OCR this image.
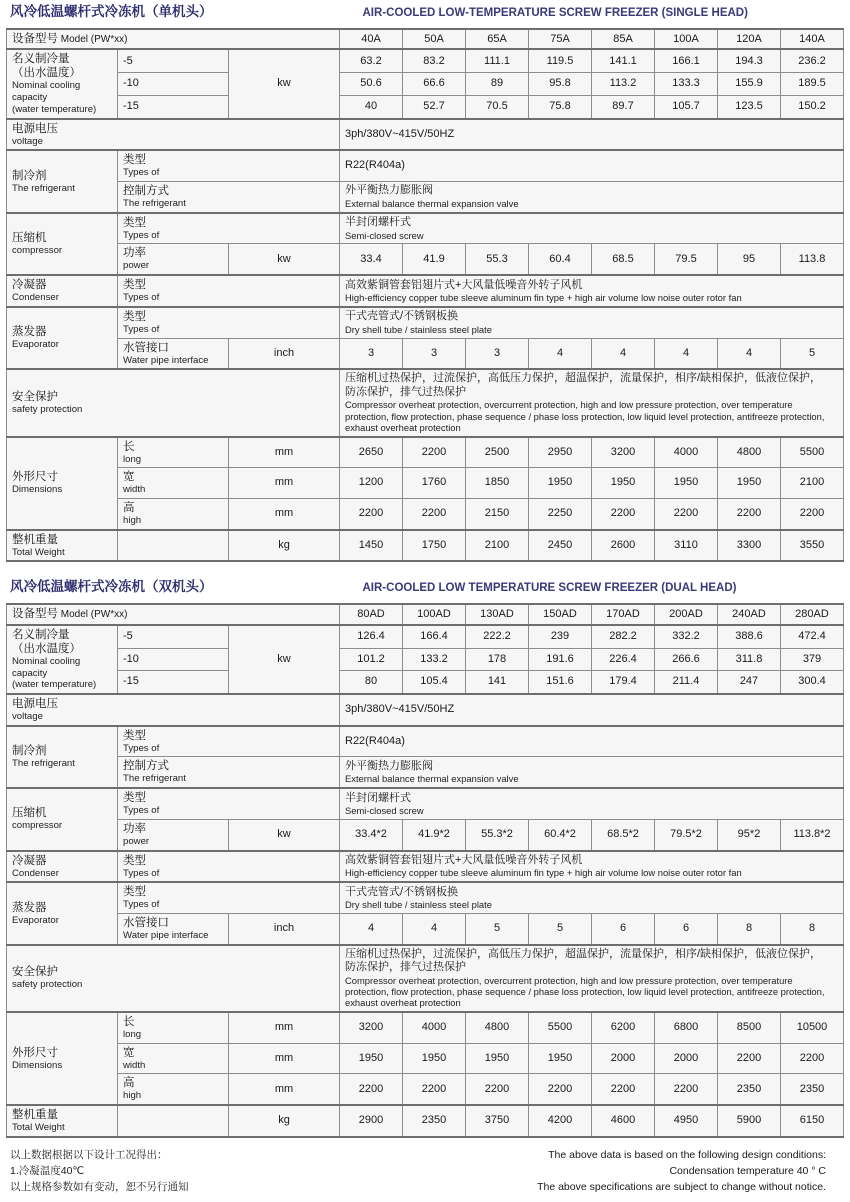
风冷低温螺杆式冷冻机（单机头）	AIR-COOLED LOW-TEMPERATURE SCREW FREEZER (SINGLE HEAD)
设备型号 Model (PW*xx)			40A	50A	65A	75A	85A	100A	120A	140A

名义制冷量
（出水温度）
Nominal cooling
capacity
(water temperature)	-5	kw	63.2	83.2	111.1	119.5	141.1	166.1	194.3	236.2
	-10		50.6	66.6	89	95.8	113.2	133.3	155.9	189.5
	-15		40	52.7	70.5	75.8	89.7	105.7	123.5	150.2

电源电压
voltage			3ph/380V~415V/50HZ							

制冷剂
The refrigerant	类型
Types of		R22(R404a)							

	控制方式
The refrigerant		外平衡热力膨胀阀
External balance thermal expansion valve							

压缩机
compressor	类型
Types of		半封闭螺杆式
Semi-closed screw							

	功率
power	kw	33.4	41.9	55.3	60.4	68.5	79.5	95	113.8

冷凝器
Condenser	类型
Types of		高效紫铜管套铝翅片式+大风量低噪音外转子风机
High-efficiency copper tube sleeve aluminum fin type + high air volume low noise outer rotor fan							

蒸发器
Evaporator	类型
Types of		干式壳管式/不锈钢板换
Dry shell tube / stainless steel plate							

	水管接口
Water pipe interface	inch	3	3	3	4	4	4	4	5

安全保护
safety protection			压缩机过热保护，过流保护，高低压力保护，超温保护，流量保护，相序/缺相保护，低液位保护，
防冻保护，排气过热保护
Compressor overheat protection, overcurrent protection, high and low pressure protection, over temperature
protection, flow protection, phase sequence / phase loss protection, low liquid level protection, antifreeze protection,
exhaust overheat protection							

外形尺寸
Dimensions	长
long	mm	2650	2200	2500	2950	3200	4000	4800	5500

	宽
width	mm	1200	1760	1850	1950	1950	1950	1950	2100

	高
high	mm	2200	2200	2150	2250	2200	2200	2200	2200

整机重量
Total Weight		kg	1450	1750	2100	2450	2600	3110	3300	3550
风冷低温螺杆式冷冻机（双机头）	AIR-COOLED LOW TEMPERATURE SCREW FREEZER (DUAL HEAD)
设备型号 Model (PW*xx)			80AD	100AD	130AD	150AD	170AD	200AD	240AD	280AD

名义制冷量
（出水温度）
Nominal cooling
capacity
(water temperature)	-5	kw	126.4	166.4	222.2	239	282.2	332.2	388.6	472.4
	-10		101.2	133.2	178	191.6	226.4	266.6	311.8	379
	-15		80	105.4	141	151.6	179.4	211.4	247	300.4

电源电压
voltage			3ph/380V~415V/50HZ							

制冷剂
The refrigerant	类型
Types of		R22(R404a)							

	控制方式
The refrigerant		外平衡热力膨胀阀
External balance thermal expansion valve							

压缩机
compressor	类型
Types of		半封闭螺杆式
Semi-closed screw							

	功率
power	kw	33.4*2	41.9*2	55.3*2	60.4*2	68.5*2	79.5*2	95*2	113.8*2

冷凝器
Condenser	类型
Types of		高效紫铜管套铝翅片式+大风量低噪音外转子风机
High-efficiency copper tube sleeve aluminum fin type + high air volume low noise outer rotor fan							

蒸发器
Evaporator	类型
Types of		干式壳管式/不锈钢板换
Dry shell tube / stainless steel plate							

	水管接口
Water pipe interface	inch	4	4	5	5	6	6	8	8

安全保护
safety protection			压缩机过热保护，过流保护，高低压力保护，超温保护，流量保护，相序/缺相保护，低液位保护，
防冻保护，排气过热保护
Compressor overheat protection, overcurrent protection, high and low pressure protection, over temperature
protection, flow protection, phase sequence / phase loss protection, low liquid level protection, antifreeze protection,
exhaust overheat protection							

外形尺寸
Dimensions	长
long	mm	3200	4000	4800	5500	6200	6800	8500	10500

	宽
width	mm	1950	1950	1950	1950	2000	2000	2200	2200

	高
high	mm	2200	2200	2200	2200	2200	2200	2350	2350

整机重量
Total Weight		kg	2900	2350	3750	4200	4600	4950	5900	6150
以上数据根据以下设计工况得出：
1.冷凝温度40℃
以上规格参数如有变动，恕不另行通知
The above data is based on the following design conditions:
Condensation temperature 40 ° C
The above specifications are subject to change without notice.
